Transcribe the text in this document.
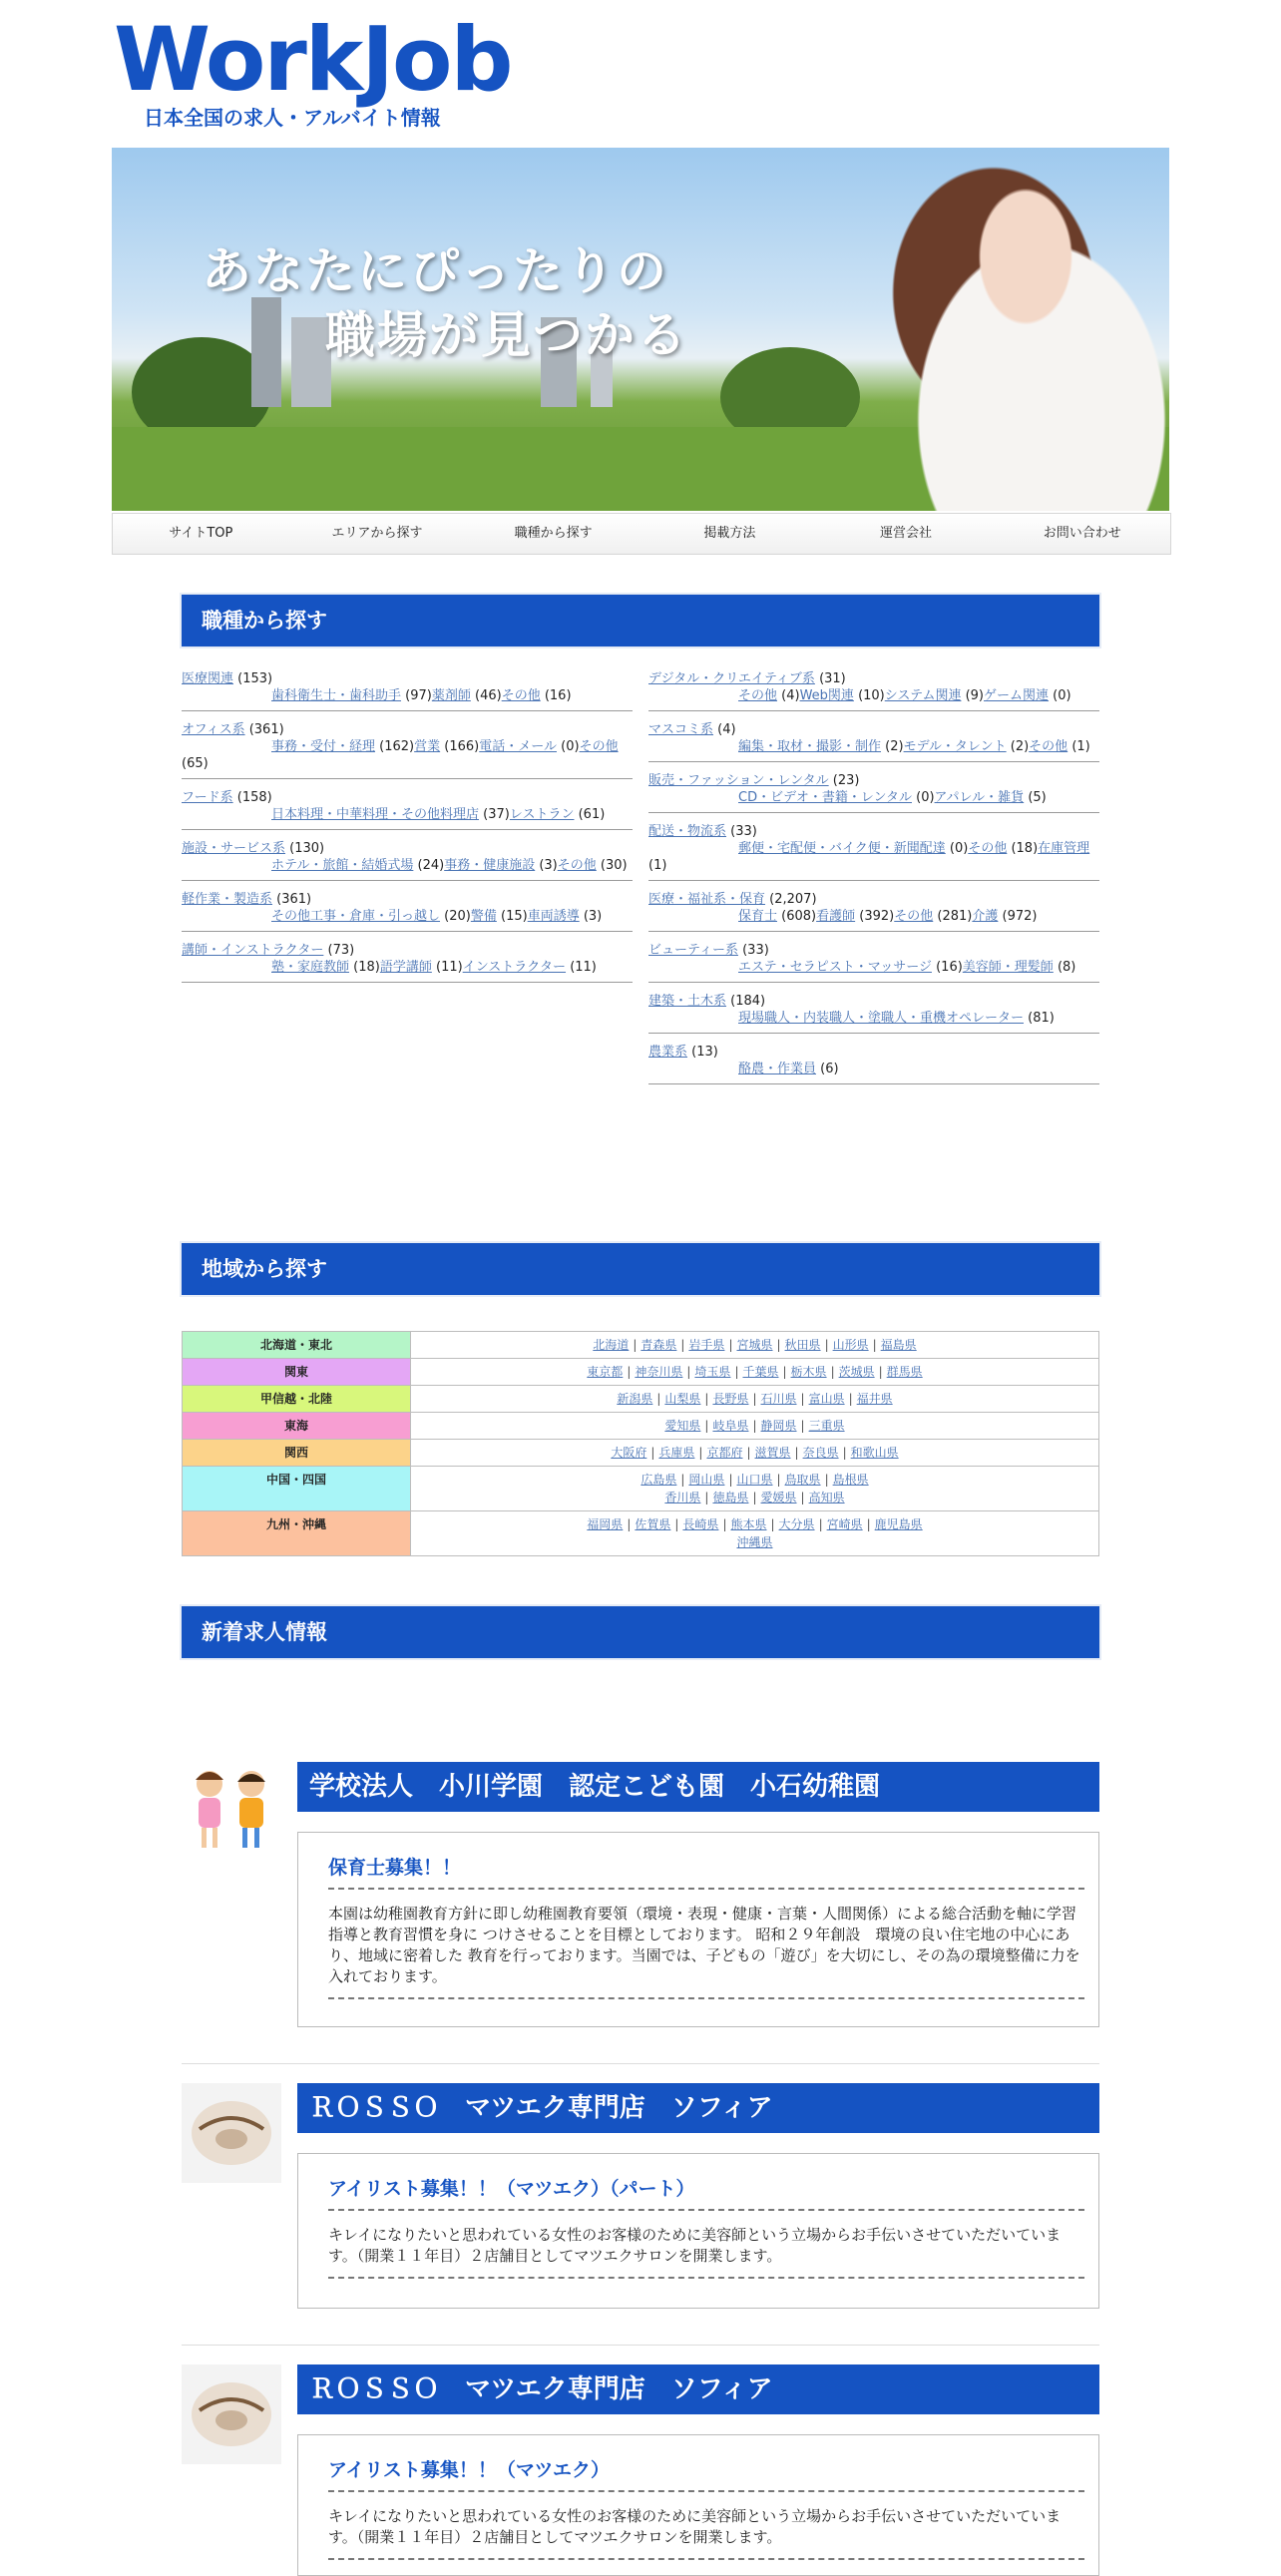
WorkJob
日本全国の求人・アルバイト情報
あなたにぴったりの
職場が見つかる
サイトTOP	エリアから探す	職種から探す	掲載方法	運営会社	お問い合わせ
職種から探す
医療関連 (153)
歯科衛生士・歯科助手 (97)薬剤師 (46)その他 (16)
オフィス系 (361)
事務・受付・経理 (162)営業 (166)電話・メール (0)その他 (65)
フード系 (158)
日本料理・中華料理・その他料理店 (37)レストラン (61)
施設・サービス系 (130)
ホテル・旅館・結婚式場 (24)事務・健康施設 (3)その他 (30)
軽作業・製造系 (361)
その他工事・倉庫・引っ越し (20)警備 (15)車両誘導 (3)
講師・インストラクター (73)
塾・家庭教師 (18)語学講師 (11)インストラクター (11)
デジタル・クリエイティブ系 (31)
その他 (4)Web関連 (10)システム関連 (9)ゲーム関連 (0)
マスコミ系 (4)
編集・取材・撮影・制作 (2)モデル・タレント (2)その他 (1)
販売・ファッション・レンタル (23)
CD・ビデオ・書籍・レンタル (0)アパレル・雑貨 (5)
配送・物流系 (33)
郵便・宅配便・バイク便・新聞配達 (0)その他 (18)在庫管理 (1)
医療・福祉系・保育 (2,207)
保育士 (608)看護師 (392)その他 (281)介護 (972)
ビューティー系 (33)
エステ・セラピスト・マッサージ (16)美容師・理髪師 (8)
建築・土木系 (184)
現場職人・内装職人・塗職人・重機オペレーター (81)
農業系 (13)
酪農・作業員 (6)
地域から探す
北海道・東北	北海道 | 青森県 | 岩手県 | 宮城県 | 秋田県 | 山形県 | 福島県

関東	東京都 | 神奈川県 | 埼玉県 | 千葉県 | 栃木県 | 茨城県 | 群馬県

甲信越・北陸	新潟県 | 山梨県 | 長野県 | 石川県 | 富山県 | 福井県

東海	愛知県 | 岐阜県 | 静岡県 | 三重県

関西	大阪府 | 兵庫県 | 京都府 | 滋賀県 | 奈良県 | 和歌山県

中国・四国	広島県 | 岡山県 | 山口県 | 鳥取県 | 島根県
香川県 | 徳島県 | 愛媛県 | 高知県

九州・沖縄	福岡県 | 佐賀県 | 長崎県 | 熊本県 | 大分県 | 宮崎県 | 鹿児島県
沖縄県
新着求人情報
学校法人　小川学園　認定こども園　小石幼稚園
保育士募集！！
本園は幼稚園教育方針に即し幼稚園教育要領（環境・表現・健康・言葉・人間関係）による総合活動を軸に学習指導と教育習慣を身に つけさせることを目標としております。 昭和２９年創設　環境の良い住宅地の中心にあり、地域に密着した 教育を行っております。当園では、子どもの「遊び」を大切にし、その為の環境整備に力を入れております。
ＲＯＳＳＯ　マツエク専門店　ソフィア
アイリスト募集！！（マツエク）（パート）
キレイになりたいと思われている女性のお客様のために美容師という立場からお手伝いさせていただいています。（開業１１年目）２店舗目としてマツエクサロンを開業します。
ＲＯＳＳＯ　マツエク専門店　ソフィア
アイリスト募集！！（マツエク）
キレイになりたいと思われている女性のお客様のために美容師という立場からお手伝いさせていただいています。（開業１１年目）２店舗目としてマツエクサロンを開業します。
